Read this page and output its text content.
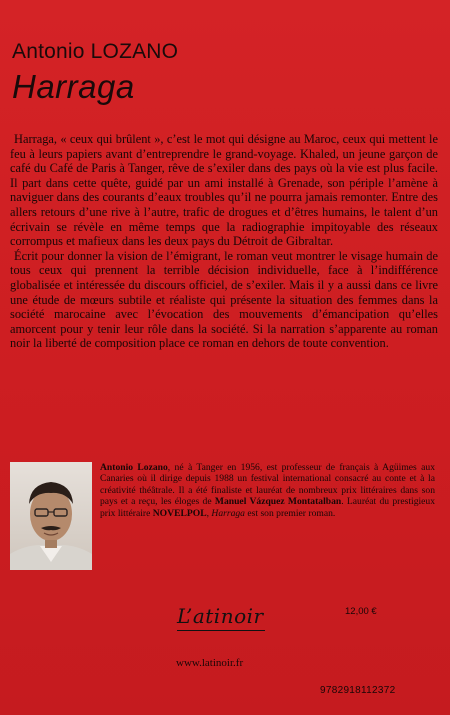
Antonio LOZANO
Harraga

Harraga, « ceux qui brûlent », c’est le mot qui désigne au Maroc, ceux qui mettent le feu à leurs papiers avant d’entreprendre le grand-voyage. Khaled, un jeune garçon de café du Café de Paris à Tanger, rêve de s’exiler dans des pays où la vie est plus facile. Il part dans cette quête, guidé par un ami installé à Grenade, son périple l’amène à naviguer dans des courants d’eaux troubles qu’il ne pourra jamais remonter. Entre des allers retours d’une rive à l’autre, trafic de drogues et d’êtres humains, le talent d’un écrivain se révèle en même temps que la radiographie impitoyable des réseaux corrompus et mafieux dans les deux pays du Détroit de Gibraltar.

Écrit pour donner la vision de l’émigrant, le roman veut montrer le visage humain de tous ceux qui prennent la terrible décision individuelle, face à l’indifférence globalisée et intéressée du discours officiel, de s’exiler. Mais il y a aussi dans ce livre une étude de mœurs subtile et réaliste qui présente la situation des femmes dans la société marocaine avec l’évocation des mouvements d’émancipation qu’elles amorcent pour y tenir leur rôle dans la société. Si la narration s’apparente au roman noir la liberté de composition place ce roman en dehors de toute convention.

Antonio Lozano, né à Tanger en 1956, est professeur de français à Agüimes aux Canaries où il dirige depuis 1988 un festival international consacré au conte et à la créativité théâtrale. Il a été finaliste et lauréat de nombreux prix littéraires dans son pays et a reçu, les éloges de Manuel Vázquez Montatalban. Lauréat du prestigieux prix littéraire NOVELPOL, Harraga est son premier roman.

L’atinoir	12,00 €
www.latinoir.fr
9782918112372
